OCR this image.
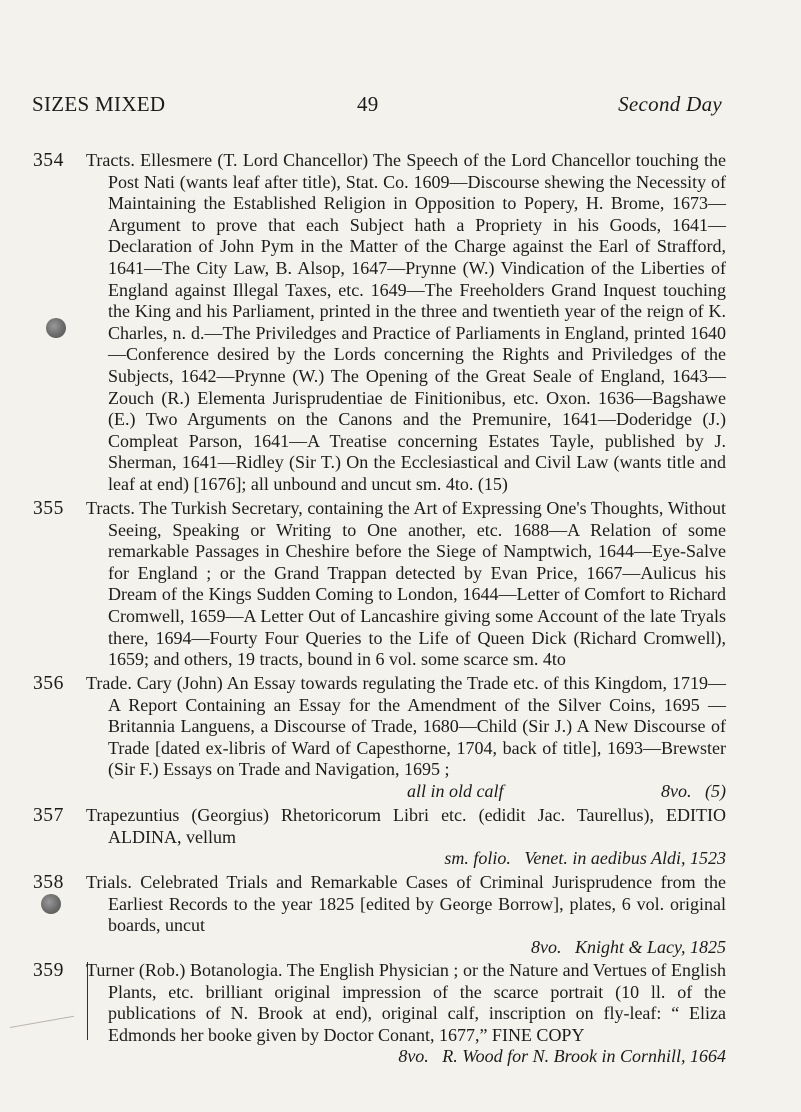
SIZES MIXED	49	Second Day
354	Tracts. Ellesmere (T. Lord Chancellor) The Speech of the Lord Chancellor touching the Post Nati (wants leaf after title), Stat. Co. 1609—Discourse shewing the Necessity of Maintaining the Established Religion in Opposition to Popery, H. Brome, 1673—Argument to prove that each Subject hath a Propriety in his Goods, 1641—Declaration of John Pym in the Matter of the Charge against the Earl of Strafford, 1641—The City Law, B. Alsop, 1647—Prynne (W.) Vindication of the Liberties of England against Illegal Taxes, etc. 1649—The Freeholders Grand Inquest touching the King and his Parliament, printed in the three and twentieth year of the reign of K. Charles, n. d.—The Priviledges and Practice of Parliaments in England, printed 1640—Conference desired by the Lords concerning the Rights and Priviledges of the Subjects, 1642—Prynne (W.) The Opening of the Great Seale of England, 1643—Zouch (R.) Elementa Jurisprudentiae de Finitionibus, etc. Oxon. 1636—Bagshawe (E.) Two Arguments on the Canons and the Premunire, 1641—Doderidge (J.) Compleat Parson, 1641—A Treatise concerning Estates Tayle, published by J. Sherman, 1641—Ridley (Sir T.) On the Ecclesiastical and Civil Law (wants title and leaf at end) [1676]; all unbound and uncut sm. 4to. (15)
355	Tracts. The Turkish Secretary, containing the Art of Expressing One's Thoughts, Without Seeing, Speaking or Writing to One another, etc. 1688—A Relation of some remarkable Passages in Cheshire before the Siege of Namptwich, 1644—Eye-Salve for England ; or the Grand Trappan detected by Evan Price, 1667—Aulicus his Dream of the Kings Sudden Coming to London, 1644—Letter of Comfort to Richard Cromwell, 1659—A Letter Out of Lancashire giving some Account of the late Tryals there, 1694—Fourty Four Queries to the Life of Queen Dick (Richard Cromwell), 1659; and others, 19 tracts, bound in 6 vol. some scarce sm. 4to
356	Trade. Cary (John) An Essay towards regulating the Trade etc. of this Kingdom, 1719—A Report Containing an Essay for the Amendment of the Silver Coins, 1695 — Britannia Languens, a Discourse of Trade, 1680—Child (Sir J.) A New Discourse of Trade [dated ex-libris of Ward of Capesthorne, 1704, back of title], 1693—Brewster (Sir F.) Essays on Trade and Navigation, 1695 ;
all in old calf                                   8vo.   (5)
357	Trapezuntius (Georgius) Rhetoricorum Libri etc. (edidit Jac. Taurellus), EDITIO ALDINA, vellum
sm. folio.   Venet. in aedibus Aldi, 1523
358	Trials. Celebrated Trials and Remarkable Cases of Criminal Jurisprudence from the Earliest Records to the year 1825 [edited by George Borrow], plates, 6 vol. original boards, uncut
8vo.   Knight & Lacy, 1825
359	Turner (Rob.) Botanologia. The English Physician ; or the Nature and Vertues of English Plants, etc. brilliant original impression of the scarce portrait (10 ll. of the publications of N. Brook at end), original calf, inscription on fly-leaf: “ Eliza Edmonds her booke given by Doctor Conant, 1677,” FINE COPY
8vo.   R. Wood for N. Brook in Cornhill, 1664
